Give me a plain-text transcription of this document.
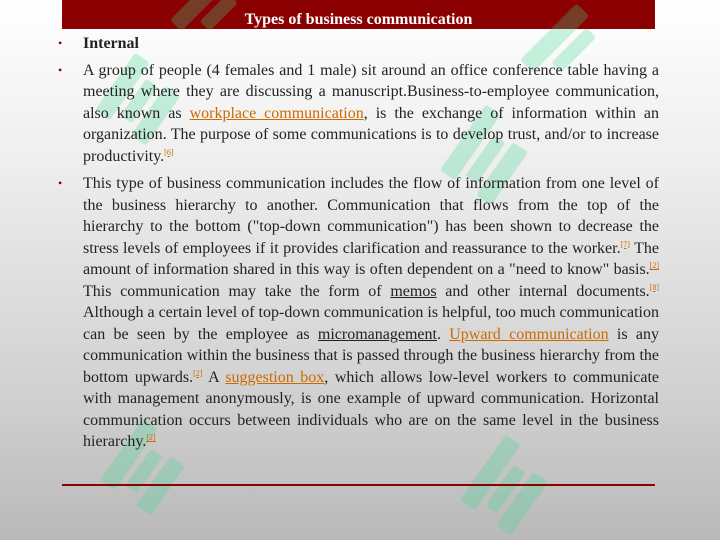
Types of business communication
• Internal
• A group of people (4 females and 1 male) sit around an office conference table having a meeting where they are discussing a manuscript.Business-to-employee communication, also known as workplace communication, is the exchange of information within an organization. The purpose of some communications is to develop trust, and/or to increase productivity.[6]
• This type of business communication includes the flow of information from one level of the business hierarchy to another. Communication that flows from the top of the hierarchy to the bottom ("top-down communication") has been shown to decrease the stress levels of employees if it provides clarification and reassurance to the worker.[7] The amount of information shared in this way is often dependent on a "need to know" basis.[2] This communication may take the form of memos and other internal documents.[8] Although a certain level of top-down communication is helpful, too much communication can be seen by the employee as micromanagement. Upward communication is any communication within the business that is passed through the business hierarchy from the bottom upwards.[2] A suggestion box, which allows low-level workers to communicate with management anonymously, is one example of upward communication. Horizontal communication occurs between individuals who are on the same level in the business hierarchy.[2]
